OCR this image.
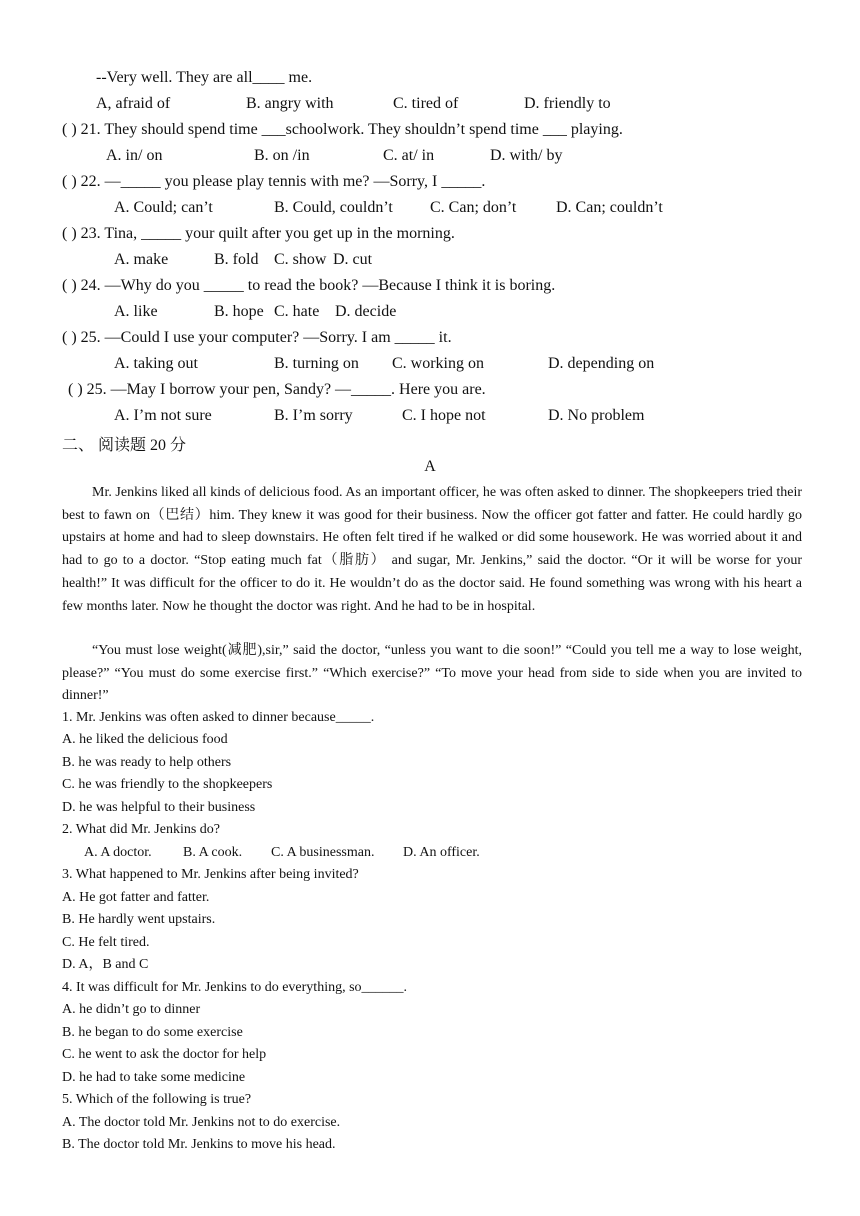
--Very well. They are all____ me.
A, afraid of	B. angry with	C. tired of	D. friendly to
( ) 21. They should spend time ___schoolwork. They shouldn’t spend time ___ playing.
A. in/ on	B. on /in	C. at/ in	D. with/ by
( ) 22. —_____ you please play tennis with me? —Sorry, I _____.
A. Could; can’t	B. Could, couldn’t C. Can; don’t D. Can; couldn’t
( ) 23. Tina, _____ your quilt after you get up in the morning.
A. make	B. fold C. show D. cut
( ) 24. —Why do you _____ to read the book? —Because I think it is boring.
A. like	B. hope C. hate D. decide
( ) 25. —Could I use your computer? —Sorry. I am _____ it.
A. taking out	B. turning on C. working on	D. depending on
( ) 25. —May I borrow your pen, Sandy? —_____. Here you are.
A. I’m not sure	B. I’m sorry	C. I hope not	D. No problem
二、 阅读题 20 分
A
Mr. Jenkins liked all kinds of delicious food. As an important officer, he was often asked to dinner. The shopkeepers tried their best to fawn on（巴结）him. They knew it was good for their business. Now the officer got fatter and fatter. He could hardly go upstairs at home and had to sleep downstairs. He often felt tired if he walked or did some housework. He was worried about it and had to go to a doctor. “Stop eating much fat（脂肪） and sugar, Mr. Jenkins,” said the doctor. “Or it will be worse for your health!” It was difficult for the officer to do it. He wouldn’t do as the doctor said. He found something was wrong with his heart a few months later. Now he thought the doctor was right. And he had to be in hospital.
“You must lose weight(减肥),sir,” said the doctor, “unless you want to die soon!” “Could you tell me a way to lose weight, please?” “You must do some exercise first.” “Which exercise?” “To move your head from side to side when you are invited to dinner!”
1. Mr. Jenkins was often asked to dinner because_____.
A. he liked the delicious food
B. he was ready to help others
C. he was friendly to the shopkeepers
D. he was helpful to their business
2. What did Mr. Jenkins do?
A. A doctor. B. A cook. C. A businessman. D. An officer.
3. What happened to Mr. Jenkins after being invited?
A. He got fatter and fatter.
B. He hardly went upstairs.
C. He felt tired.
D. A，B and C
4. It was difficult for Mr. Jenkins to do everything, so______.
A. he didn’t go to dinner
B. he began to do some exercise
C. he went to ask the doctor for help
D. he had to take some medicine
5. Which of the following is true?
A. The doctor told Mr. Jenkins not to do exercise.
B. The doctor told Mr. Jenkins to move his head.
